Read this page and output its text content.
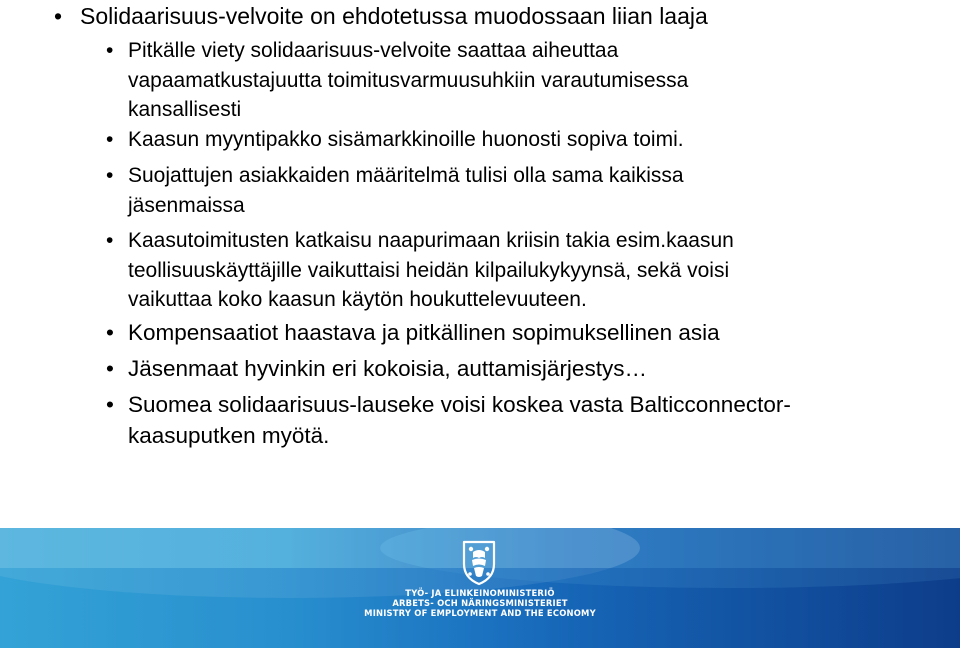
• Solidaarisuus-velvoite on ehdotetussa muodossaan liian laaja
• Pitkälle viety solidaarisuus-velvoite saattaa aiheuttaa
vapaamatkustajuutta toimitusvarmuusuhkiin varautumisessa
kansallisesti
• Kaasun myyntipakko sisämarkkinoille huonosti sopiva toimi.
• Suojattujen asiakkaiden määritelmä tulisi olla sama kaikissa
jäsenmaissa
• Kaasutoimitusten katkaisu naapurimaan kriisin takia esim.kaasun
teollisuuskäyttäjille vaikuttaisi heidän kilpailukykyynsä, sekä voisi
vaikuttaa koko kaasun käytön houkuttelevuuteen.
• Kompensaatiot haastava ja pitkällinen sopimuksellinen asia
• Jäsenmaat hyvinkin eri kokoisia, auttamisjärjestys…
• Suomea solidaarisuus-lauseke voisi koskea vasta Balticconnector-
kaasuputken myötä.
TYÖ- JA ELINKEINOMINISTERIÖ
ARBETS- OCH NÄRINGSMINISTERIET
MINISTRY OF EMPLOYMENT AND THE ECONOMY
